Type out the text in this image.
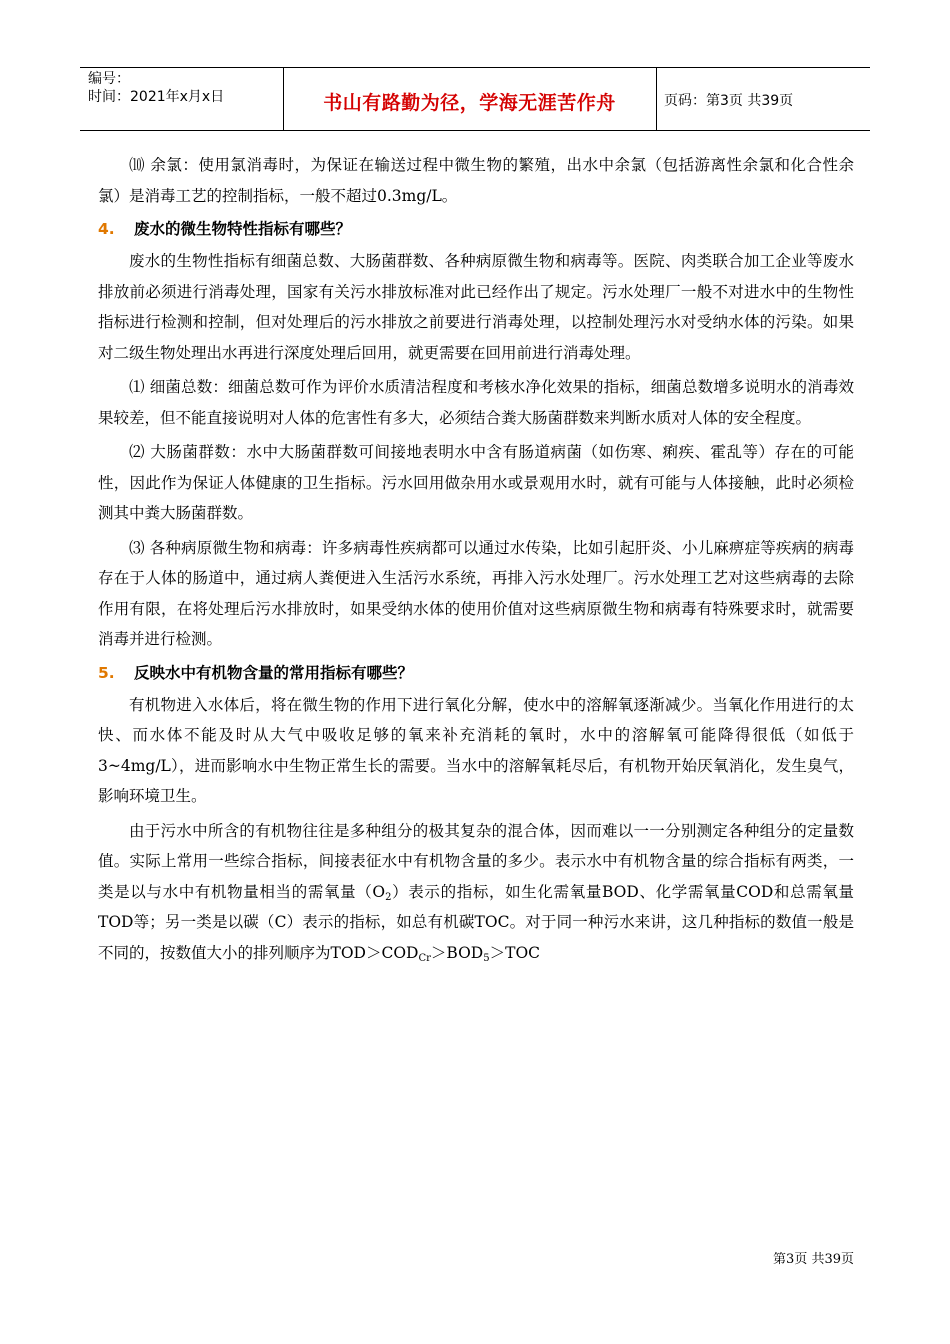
编号：
时间：2021年x月x日	书山有路勤为径，学海无涯苦作舟	页码：第3页 共39页

⑽ 余氯：使用氯消毒时，为保证在输送过程中微生物的繁殖，出水中余氯（包括游离性余氯和化合性余氯）是消毒工艺的控制指标，一般不超过0.3mg/L。

4. 废水的微生物特性指标有哪些？

废水的生物性指标有细菌总数、大肠菌群数、各种病原微生物和病毒等。医院、肉类联合加工企业等废水排放前必须进行消毒处理，国家有关污水排放标准对此已经作出了规定。污水处理厂一般不对进水中的生物性指标进行检测和控制，但对处理后的污水排放之前要进行消毒处理，以控制处理污水对受纳水体的污染。如果对二级生物处理出水再进行深度处理后回用，就更需要在回用前进行消毒处理。

⑴ 细菌总数：细菌总数可作为评价水质清洁程度和考核水净化效果的指标，细菌总数增多说明水的消毒效果较差，但不能直接说明对人体的危害性有多大，必须结合粪大肠菌群数来判断水质对人体的安全程度。

⑵ 大肠菌群数：水中大肠菌群数可间接地表明水中含有肠道病菌（如伤寒、痢疾、霍乱等）存在的可能性，因此作为保证人体健康的卫生指标。污水回用做杂用水或景观用水时，就有可能与人体接触，此时必须检测其中粪大肠菌群数。

⑶ 各种病原微生物和病毒：许多病毒性疾病都可以通过水传染，比如引起肝炎、小儿麻痹症等疾病的病毒存在于人体的肠道中，通过病人粪便进入生活污水系统，再排入污水处理厂。污水处理工艺对这些病毒的去除作用有限，在将处理后污水排放时，如果受纳水体的使用价值对这些病原微生物和病毒有特殊要求时，就需要消毒并进行检测。

5. 反映水中有机物含量的常用指标有哪些？

有机物进入水体后，将在微生物的作用下进行氧化分解，使水中的溶解氧逐渐减少。当氧化作用进行的太快、而水体不能及时从大气中吸收足够的氧来补充消耗的氧时，水中的溶解氧可能降得很低（如低于3~4mg/L），进而影响水中生物正常生长的需要。当水中的溶解氧耗尽后，有机物开始厌氧消化，发生臭气，影响环境卫生。

由于污水中所含的有机物往往是多种组分的极其复杂的混合体，因而难以一一分别测定各种组分的定量数值。实际上常用一些综合指标，间接表征水中有机物含量的多少。表示水中有机物含量的综合指标有两类，一类是以与水中有机物量相当的需氧量$(O_2)$表示的指标，如生化需氧量BOD、化学需氧量COD和总需氧量TOD等；另一类是以碳（C）表示的指标，如总有机碳TOC。对于同一种污水来讲，这几种指标的数值一般是不同的，按数值大小的排列顺序为$TOD>COD_{Cr}>BOD_5>TOC$

第3页 共39页
